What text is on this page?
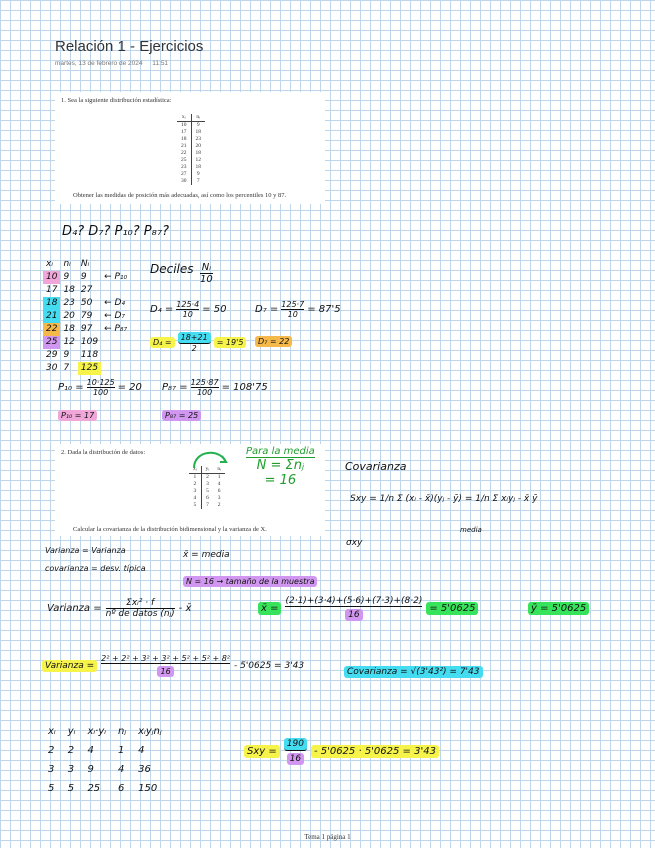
Relación 1 - Ejercicios
martes, 13 de febrero de 2024 11:51
1. Sea la siguiente distribución estadística:
xᵢ	nᵢ
10	9
17	18
18	23
21	20
22	18
25	12
23	18
27	9
30	7
Obtener las medidas de posición más adecuadas, así como los percentiles 10 y 87.
D₄? D₇? P₁₀? P₈₇?
xᵢ	nᵢ	Nᵢ	
10	9	9	← P₁₀
17	18	27	
18	23	50	← D₄
21	20	79	← D₇
22	18	97	← P₈₇
25	12	109	
29	9	118	
30	7	125	
Deciles Nᵢ
10
$D_4 = \frac{125\cdot 4}{10} = 50$	$D_7 = \frac{125\cdot 7}{10} = 87'5$
$D_4 = \frac{18+21}{2} = 19'5$	D₇ = 22
$P_{10} = \frac{10\cdot 125}{100} = 20$ $P_{87} = \frac{125\cdot 87}{100} = 108'75$
P₁₀ = 17	P₈₇ = 25
2. Dada la distribución de datos:
xᵢ	yᵢ	nᵢ
1	2	1
2	3	4
3	5	6
4	6	3
5	7	2
Calcular la covarianza de la distribución bidimensional y la varianza de X.
Para la media
N = Σnⱼ
= 16
Covarianza
Sxy = 1/n Σ (xᵢ - x̄)(yⱼ - ȳ) = 1/n Σ xᵢyⱼ - x̄ ȳ
media
σxy
Varianza = Varianza
covarianza = desv. típica
x̄ = media
N = 16 → tamaño de la muestra
Varianza =	Σxᵢ² · f
nº de datos (nⱼ) - x̄	x̄ = $\frac{(2\cdot 1)+(3\cdot 4)+(5\cdot 6)+(7\cdot 3)+(8\cdot 2)}{16} = 5'0625$	ȳ = 5'0625
Varianza = $\frac{\text{2² + 2² + 3² + 3² + 5² + 5² + 8²}}{16} - 5'0625 = 3'43$
Covarianza = √(3'43²) = 7'43
xᵢ	yᵢ	xᵢ·yᵢ	nⱼ	xᵢyⱼnⱼ
2	2	4	1	4
3	3	9	4	36
5	5	25	6	150
Sxy = $\frac{190}{16} - 5'0625 \cdot 5'0625 = 3'43$
Tema 1 página 1
